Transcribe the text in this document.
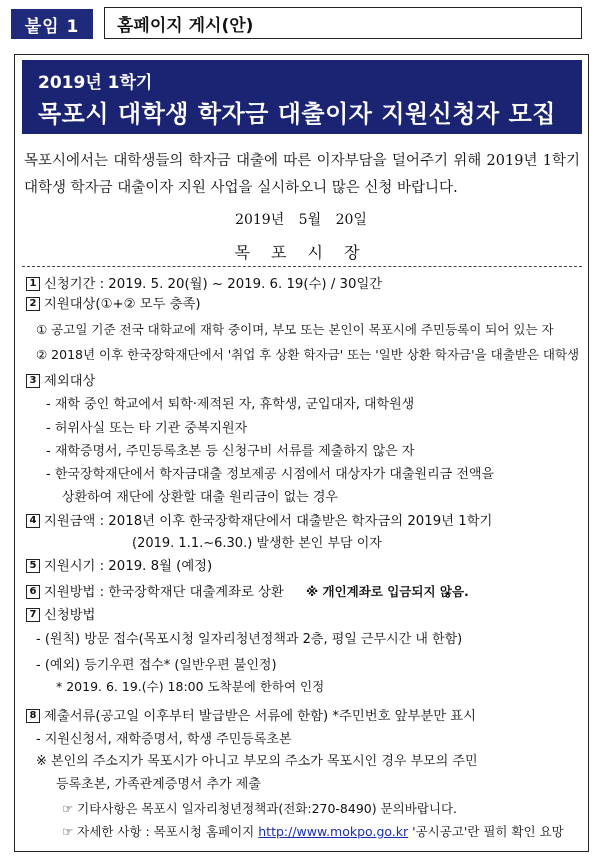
붙임 1 홈페이지 게시(안)
2019년 1학기
목포시 대학생 학자금 대출이자 지원신청자 모집
목포시에서는 대학생들의 학자금 대출에 따른 이자부담을 덜어주기 위해 2019년 1학기 대학생 학자금 대출이자 지원 사업을 실시하오니 많은 신청 바랍니다.
2019년 5월 20일
목 포 시 장
1 신청기간 : 2019. 5. 20(월) ~ 2019. 6. 19(수) / 30일간
2 지원대상(①+② 모두 충족)
① 공고일 기준 전국 대학교에 재학 중이며, 부모 또는 본인이 목포시에 주민등록이 되어 있는 자
② 2018년 이후 한국장학재단에서 '취업 후 상환 학자금' 또는 '일반 상환 학자금'을 대출받은 대학생
3 제외대상
- 재학 중인 학교에서 퇴학·제적된 자, 휴학생, 군입대자, 대학원생
- 허위사실 또는 타 기관 중복지원자
- 재학증명서, 주민등록초본 등 신청구비 서류를 제출하지 않은 자
- 한국장학재단에서 학자금대출 정보제공 시점에서 대상자가 대출원리금 전액을
상환하여 재단에 상환할 대출 원리금이 없는 경우
4 지원금액 : 2018년 이후 한국장학재단에서 대출받은 학자금의 2019년 1학기
(2019. 1.1.~6.30.) 발생한 본인 부담 이자
5 지원시기 : 2019. 8월 (예정)
6 지원방법 : 한국장학재단 대출계좌로 상환 ※ 개인계좌로 입금되지 않음.
7 신청방법
- (원칙) 방문 접수(목포시청 일자리청년정책과 2층, 평일 근무시간 내 한함)
- (예외) 등기우편 접수* (일반우편 불인정)
* 2019. 6. 19.(수) 18:00 도착분에 한하여 인정
8 제출서류(공고일 이후부터 발급받은 서류에 한함) *주민번호 앞부분만 표시
- 지원신청서, 재학증명서, 학생 주민등록초본
※ 본인의 주소지가 목포시가 아니고 부모의 주소가 목포시인 경우 부모의 주민
등록초본, 가족관계증명서 추가 제출
☞ 기타사항은 목포시 일자리청년정책과(전화:270-8490) 문의바랍니다.
☞ 자세한 사항 : 목포시청 홈페이지 http://www.mokpo.go.kr '공시공고'란 필히 확인 요망
